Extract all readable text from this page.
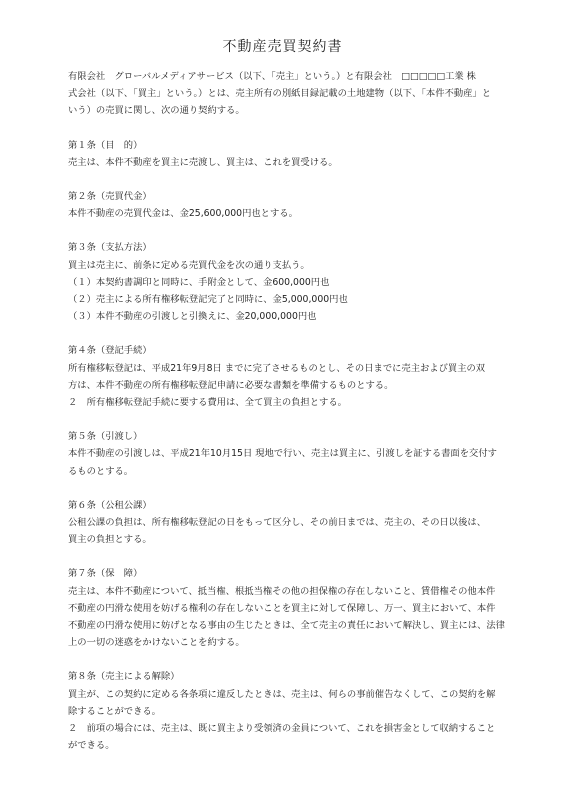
不動産売買契約書

有限会社　グローバルメディアサービス（以下、「売主」という。）と有限会社　□□□□□工業 株

式会社（以下、「買主」という。）とは、売主所有の別紙目録記載の土地建物（以下、「本件不動産」と

いう）の売買に関し、次の通り契約する。

第１条（目　的）

売主は、本件不動産を買主に売渡し、買主は、これを買受ける。

第２条（売買代金）

本件不動産の売買代金は、金25,600,000円也とする。

第３条（支払方法）

買主は売主に、前条に定める売買代金を次の通り支払う。

（１）本契約書調印と同時に、手附金として、金600,000円也

（２）売主による所有権移転登記完了と同時に、金5,000,000円也

（３）本件不動産の引渡しと引換えに、金20,000,000円也

第４条（登記手続）

所有権移転登記は、平成21年9月8日 までに完了させるものとし、その日までに売主および買主の双

方は、本件不動産の所有権移転登記申請に必要な書類を準備するものとする。

２　所有権移転登記手続に要する費用は、全て買主の負担とする。

第５条（引渡し）

本件不動産の引渡しは、平成21年10月15日 現地で行い、売主は買主に、引渡しを証する書面を交付す

るものとする。

第６条（公租公課）

公租公課の負担は、所有権移転登記の日をもって区分し、その前日までは、売主の、その日以後は、

買主の負担とする。

第７条（保　障）

売主は、本件不動産について、抵当権、根抵当権その他の担保権の存在しないこと、賃借権その他本件

不動産の円滑な使用を妨げる権利の存在しないことを買主に対して保障し、万一、買主において、本件

不動産の円滑な使用に妨げとなる事由の生じたときは、全て売主の責任において解決し、買主には、法律

上の一切の迷惑をかけないことを約する。

第８条（売主による解除）

買主が、この契約に定める各条項に違反したときは、売主は、何らの事前催告なくして、この契約を解

除することができる。

２　前項の場合には、売主は、既に買主より受領済の金員について、これを損害金として収納すること

ができる。
